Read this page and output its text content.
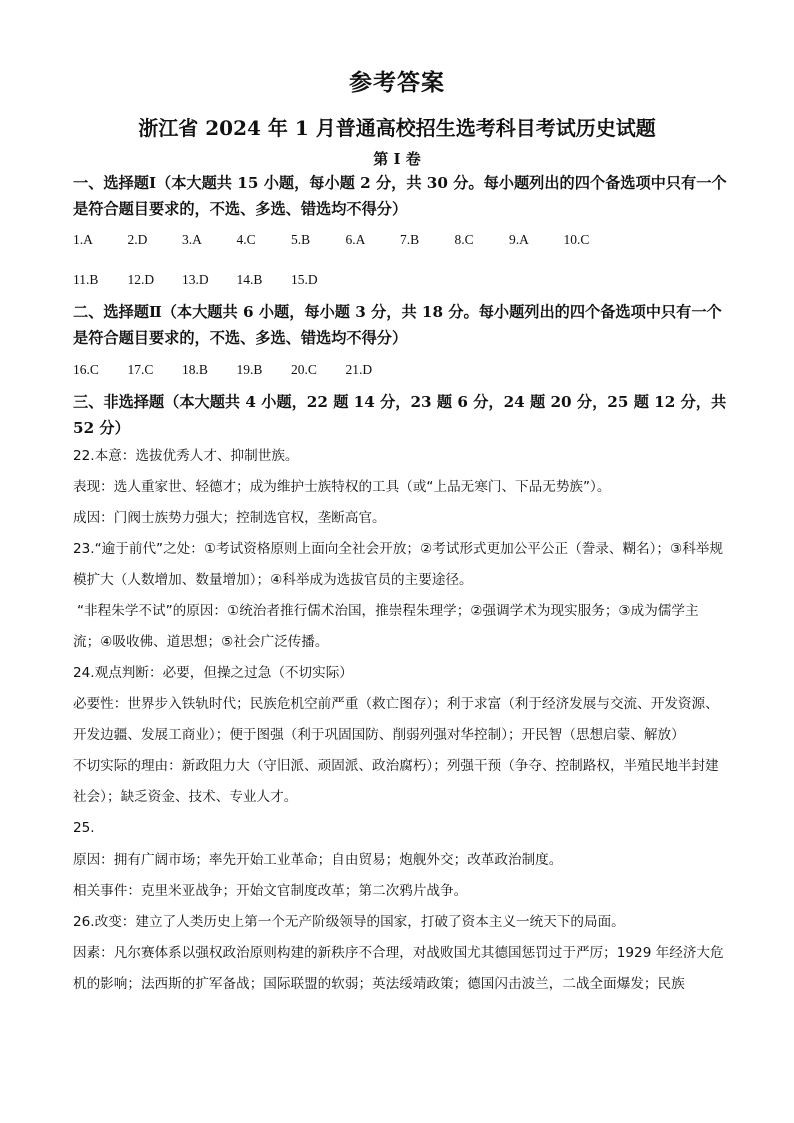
参考答案
浙江省 2024 年 1 月普通高校招生选考科目考试历史试题
第 Ⅰ 卷
一、选择题Ⅰ（本大题共 15 小题，每小题 2 分，共 30 分。每小题列出的四个备选项中只有一个是符合题目要求的，不选、多选、错选均不得分）
1.A	2.D	3.A	4.C	5.B	6.A	7.B	8.C	9.A	10.C
11.B	12.D	13.D	14.B	15.D
二、选择题Ⅱ（本大题共 6 小题，每小题 3 分，共 18 分。每小题列出的四个备选项中只有一个是符合题目要求的，不选、多选、错选均不得分）
16.C	17.C	18.B	19.B	20.C	21.D
三、非选择题（本大题共 4 小题，22 题 14 分，23 题 6 分，24 题 20 分，25 题 12 分，共 52 分）
22.本意：选拔优秀人才、抑制世族。
表现：选人重家世、轻德才；成为维护士族特权的工具（或“上品无寒门、下品无势族”）。
成因：门阀士族势力强大；控制选官权，垄断高官。
23.“逾于前代”之处：①考试资格原则上面向全社会开放；②考试形式更加公平公正（誊录、糊名）；③科举规模扩大（人数增加、数量增加）；④科举成为选拔官员的主要途径。
“非程朱学不试”的原因：①统治者推行儒术治国，推崇程朱理学；②强调学术为现实服务；③成为儒学主流；④吸收佛、道思想；⑤社会广泛传播。
24.观点判断：必要，但操之过急（不切实际）
必要性：世界步入铁轨时代；民族危机空前严重（救亡图存）；利于求富（利于经济发展与交流、开发资源、开发边疆、发展工商业）；便于图强（利于巩固国防、削弱列强对华控制）；开民智（思想启蒙、解放）
不切实际的理由：新政阻力大（守旧派、顽固派、政治腐朽）；列强干预（争夺、控制路权，半殖民地半封建社会）；缺乏资金、技术、专业人才。
25.
原因：拥有广阔市场；率先开始工业革命；自由贸易；炮舰外交；改革政治制度。
相关事件：克里米亚战争；开始文官制度改革；第二次鸦片战争。
26.改变：建立了人类历史上第一个无产阶级领导的国家，打破了资本主义一统天下的局面。
因素：凡尔赛体系以强权政治原则构建的新秩序不合理，对战败国尤其德国惩罚过于严厉；1929 年经济大危机的影响；法西斯的扩军备战；国际联盟的软弱；英法绥靖政策；德国闪击波兰，二战全面爆发；民族
